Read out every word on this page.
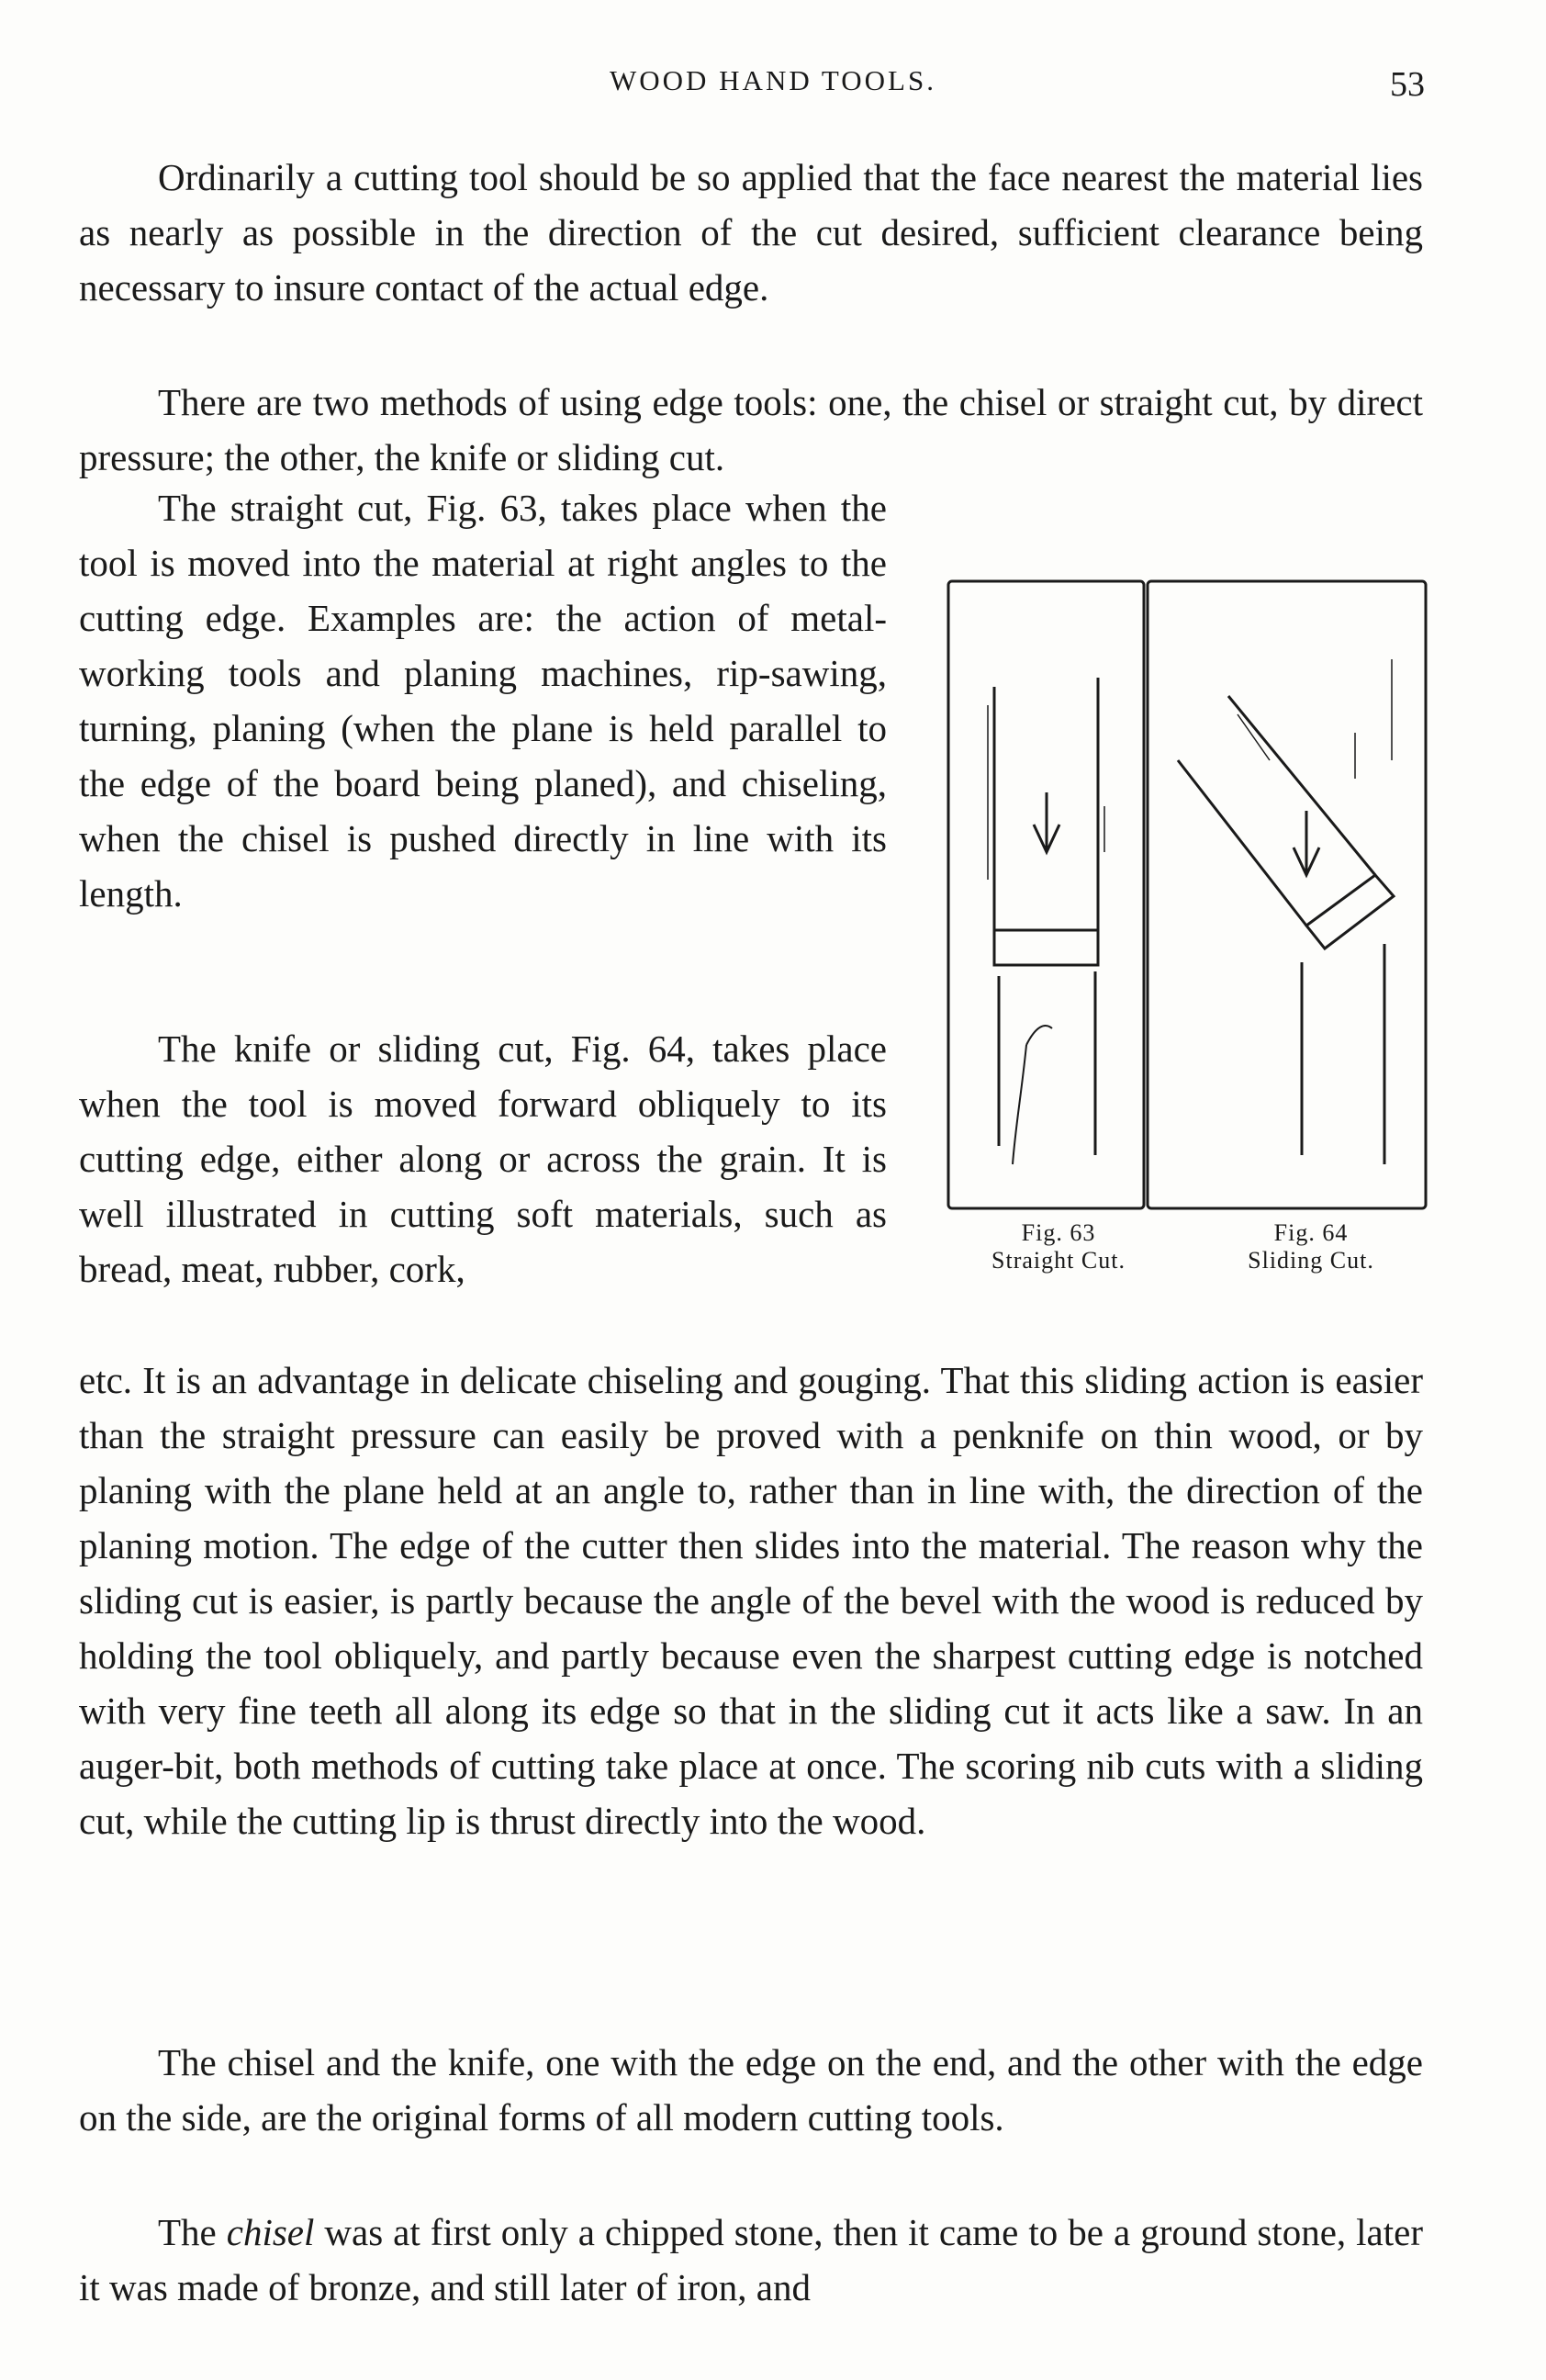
WOOD HAND TOOLS.	53

Ordinarily a cutting tool should be so applied that the face nearest the material lies as nearly as possible in the direction of the cut desired, sufficient clearance being necessary to insure contact of the actual edge.

There are two methods of using edge tools: one, the chisel or straight cut, by direct pressure; the other, the knife or sliding cut.

The straight cut, Fig. 63, takes place when the tool is moved into the material at right angles to the cutting edge. Examples are: the action of metal-working tools and planing machines, rip-sawing, turning, planing (when the plane is held parallel to the edge of the board being planed), and chiseling, when the chisel is pushed directly in line with its length.

The knife or sliding cut, Fig. 64, takes place when the tool is moved forward obliquely to its cutting edge, either along or across the grain. It is well illustrated in cutting soft materials, such as bread, meat, rubber, cork,

etc. It is an advantage in delicate chiseling and gouging. That this sliding action is easier than the straight pressure can easily be proved with a penknife on thin wood, or by planing with the plane held at an angle to, rather than in line with, the direction of the planing motion. The edge of the cutter then slides into the material. The reason why the sliding cut is easier, is partly because the angle of the bevel with the wood is reduced by holding the tool obliquely, and partly because even the sharpest cutting edge is notched with very fine teeth all along its edge so that in the sliding cut it acts like a saw. In an auger-bit, both methods of cutting take place at once. The scoring nib cuts with a sliding cut, while the cutting lip is thrust directly into the wood.

The chisel and the knife, one with the edge on the end, and the other with the edge on the side, are the original forms of all modern cutting tools.

The chisel was at first only a chipped stone, then it came to be a ground stone, later it was made of bronze, and still later of iron, and

Fig. 63
Straight Cut.
Fig. 64
Sliding Cut.
